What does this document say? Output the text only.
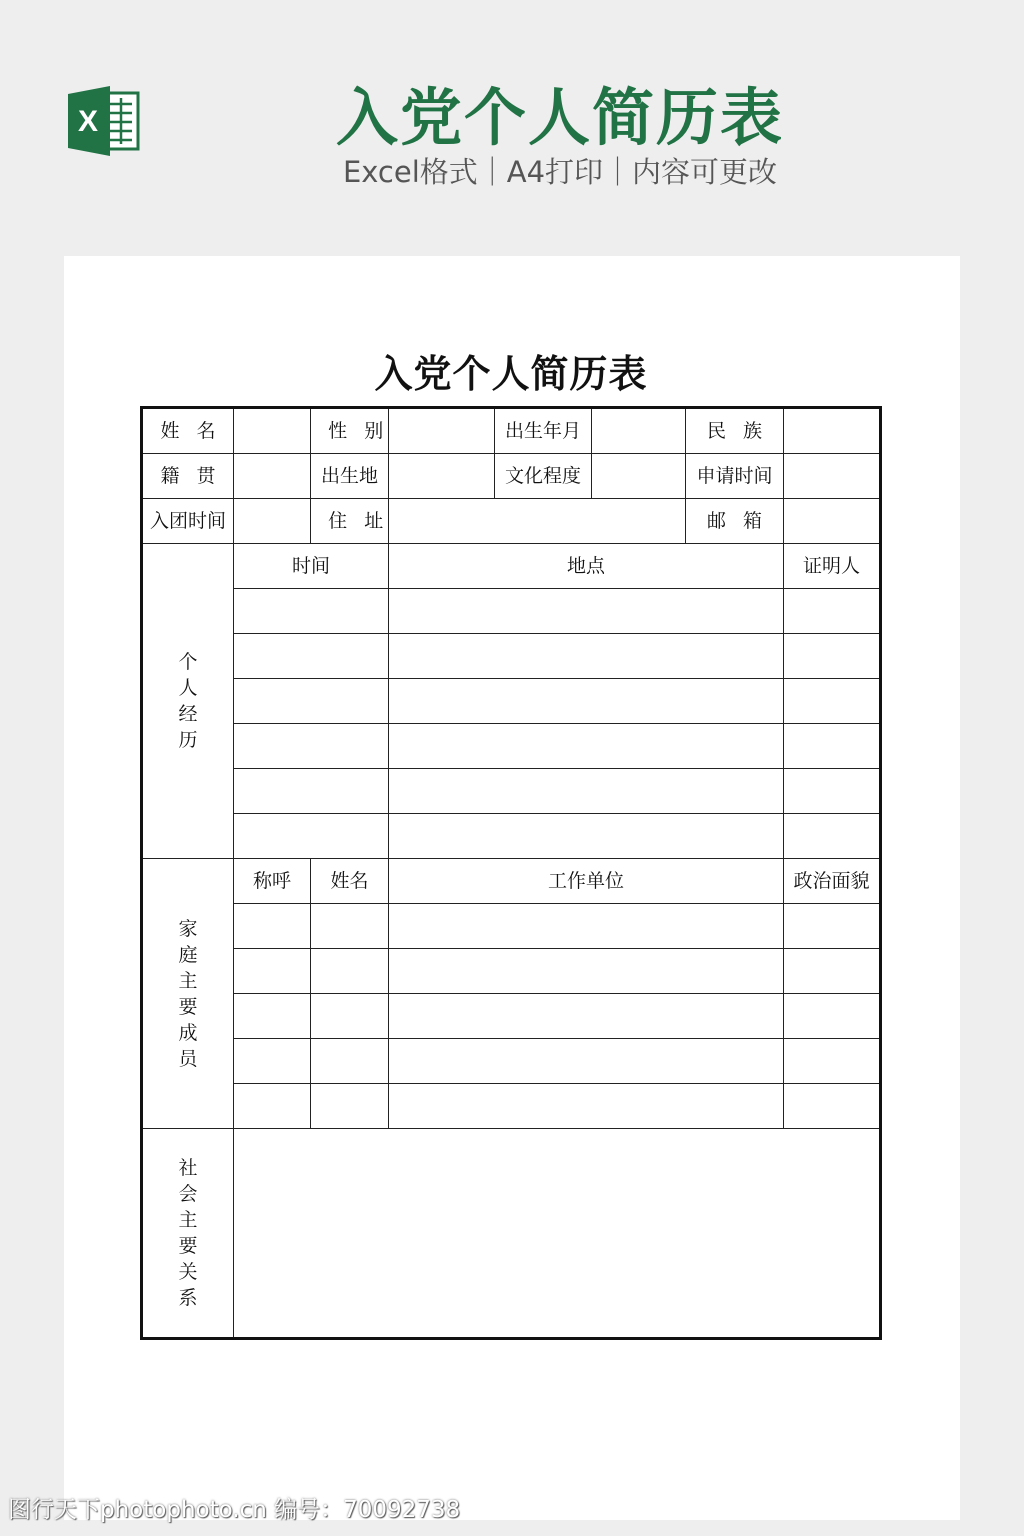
X	入党个人简历表
Excel格式｜A4打印｜内容可更改
入党个人简历表
姓名		性别		出生年月		民族	
籍贯		出生地		文化程度		申请时间	
入团时间		住址				邮箱	
个人经历	时间		地点				证明人

家庭主要成员	称呼	姓名	工作单位				政治面貌

社会主要关系							
图行天下photophoto.cn 编号：70092738
